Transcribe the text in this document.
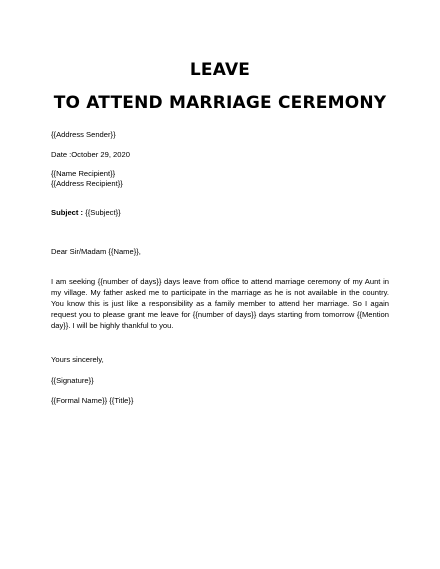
LEAVE
TO ATTEND MARRIAGE CEREMONY
{{Address Sender}}
Date :October 29, 2020
{{Name Recipient}}
{{Address Recipient}}
Subject : {{Subject}}
Dear Sir/Madam {{Name}},
I am seeking {{number of days}} days leave from office to attend marriage ceremony of my Aunt in my village. My father asked me to participate in the marriage as he is not available in the country. You know this is just like a responsibility as a family member to attend her marriage. So I again request you to please grant me leave for {{number of days}} days starting from tomorrow {{Mention day}}. I will be highly thankful to you.
Yours sincerely,
{{Signature}}
{{Formal Name}} {{Title}}
